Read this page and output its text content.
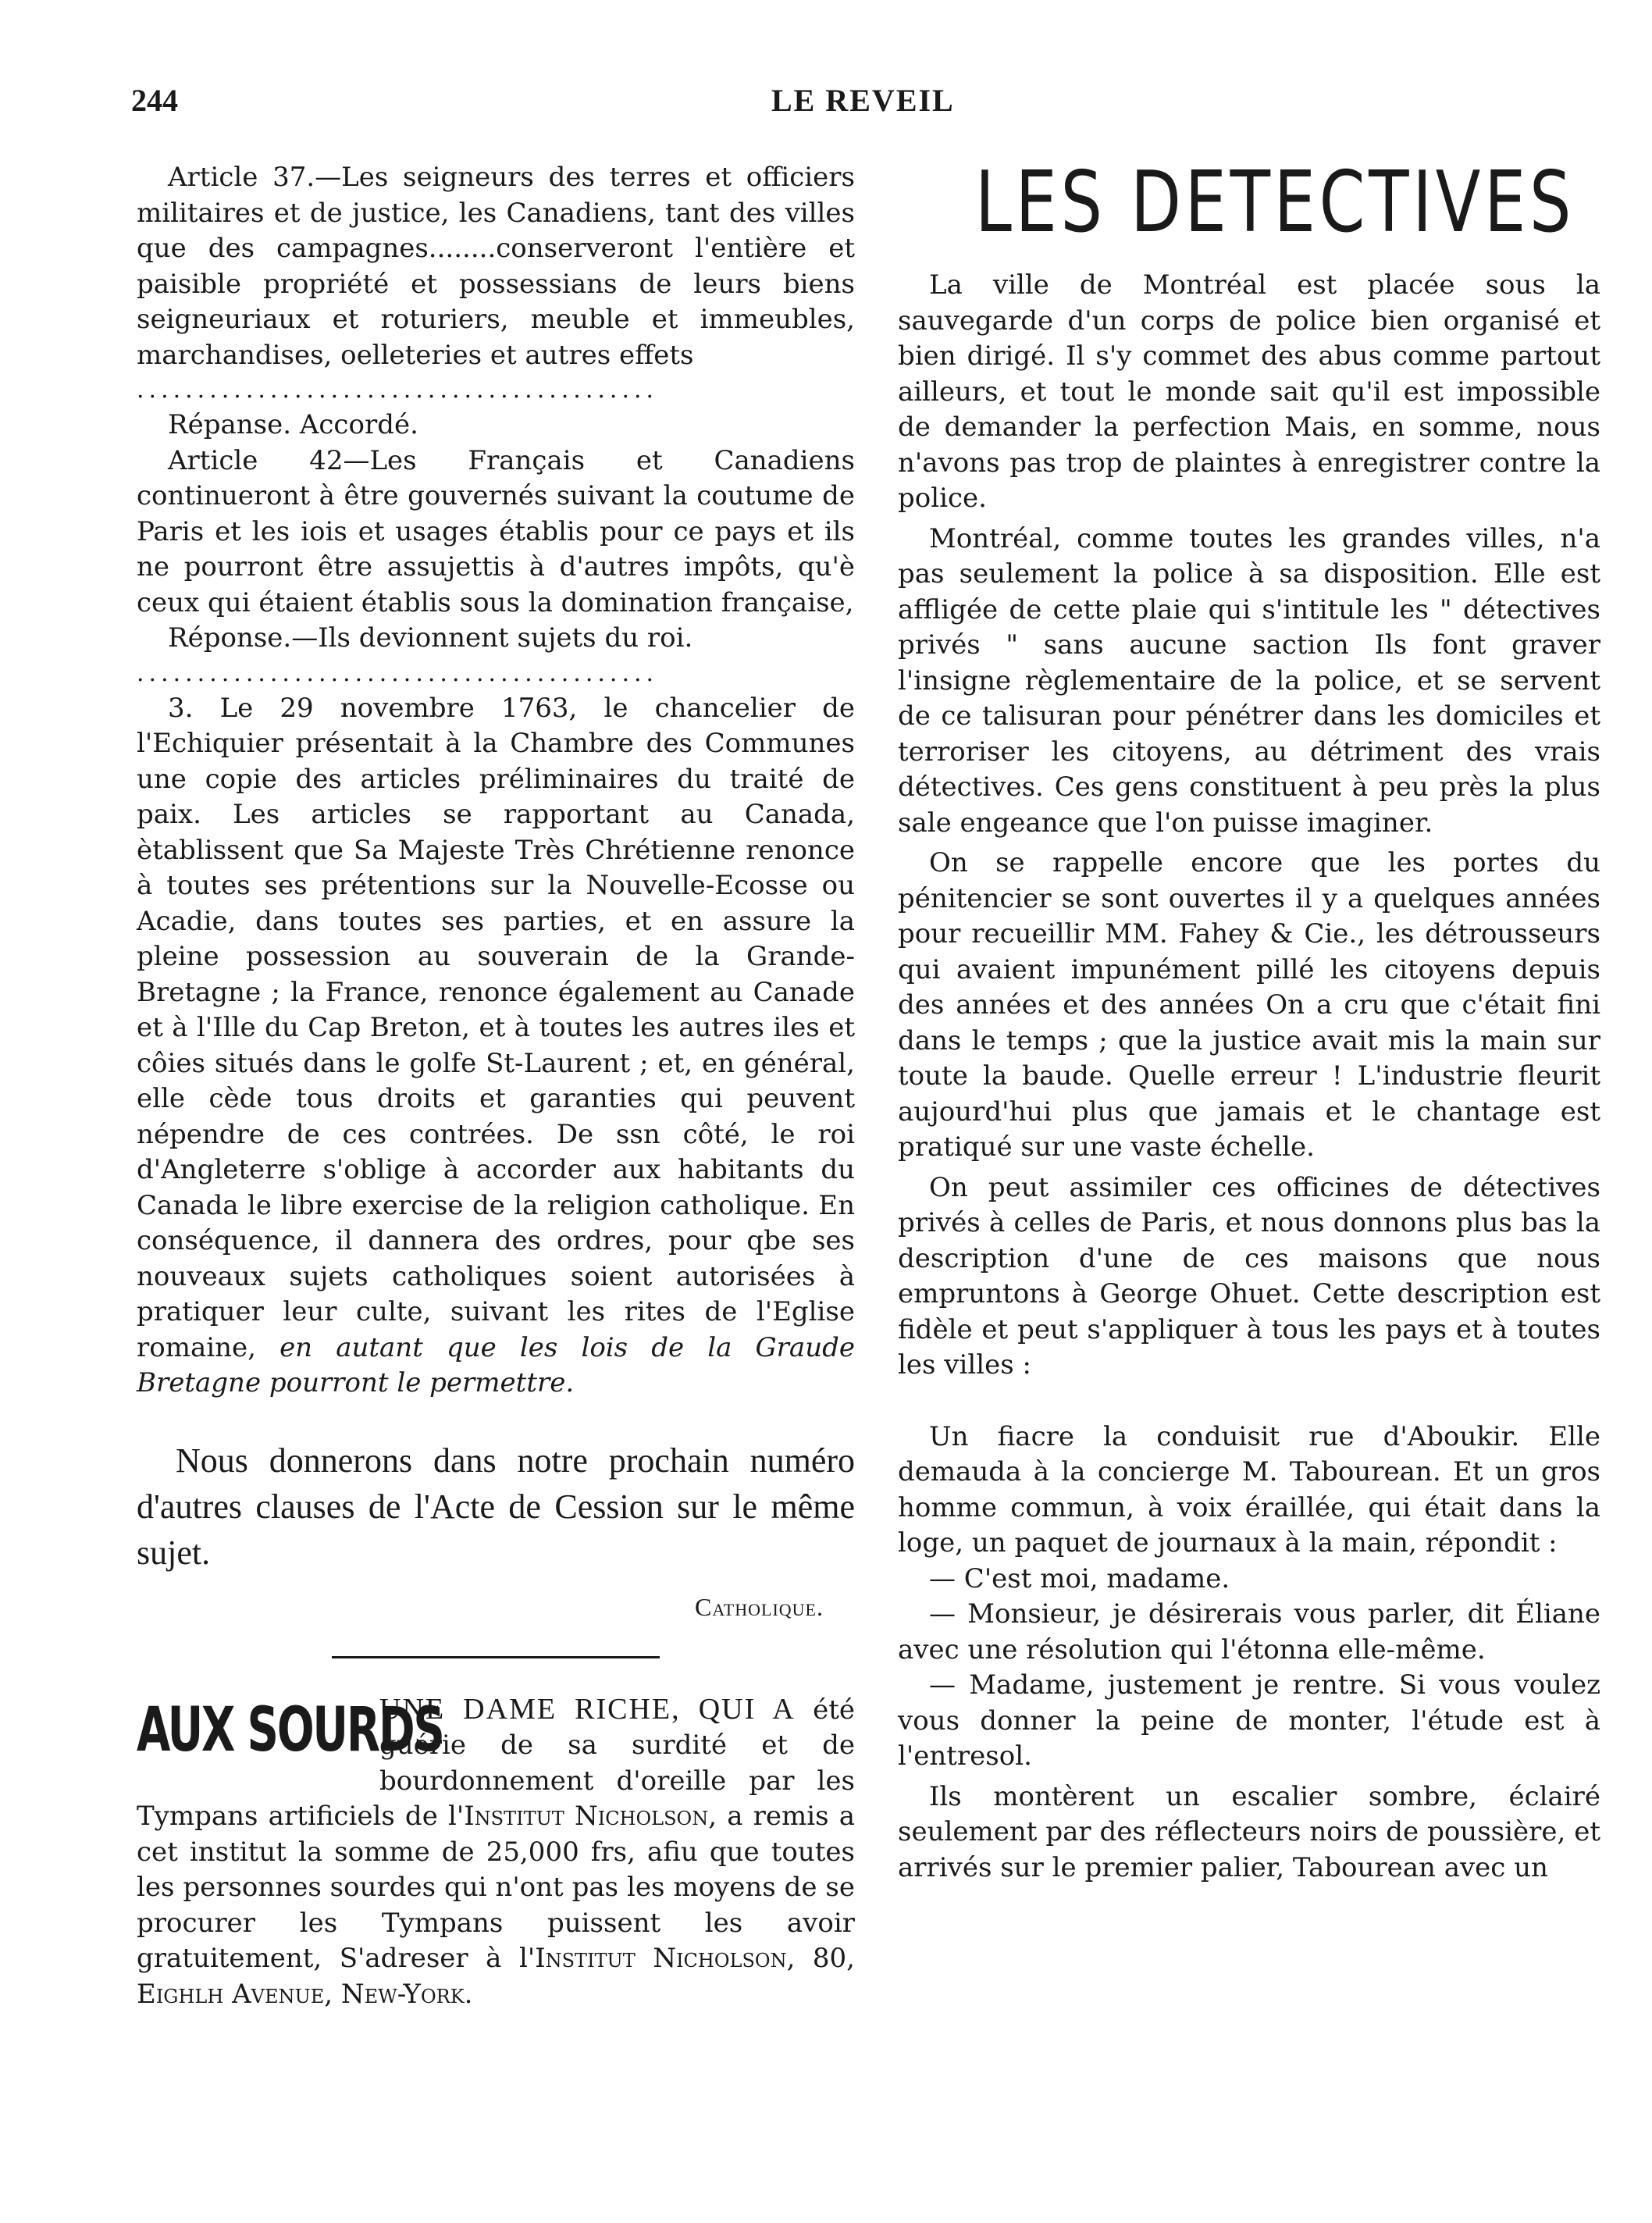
244	LE REVEIL

Article 37.—Les seigneurs des terres et officiers militaires et de justice, les Canadiens, tant des villes que des campagnes........conserveront l'entière et paisible propriété et possessians de leurs biens seigneuriaux et roturiers, meuble et immeubles, marchandises, oelleteries et autres effets

...........................................

Répanse. Accordé.

Article 42—Les Français et Canadiens continueront à être gouvernés suivant la coutume de Paris et les iois et usages établis pour ce pays et ils ne pourront être assujettis à d'autres impôts, qu'è ceux qui étaient établis sous la domination française,

Réponse.—Ils devionnent sujets du roi.

...........................................

3. Le 29 novembre 1763, le chancelier de l'Echiquier présentait à la Chambre des Communes une copie des articles préliminaires du traité de paix. Les articles se rapportant au Canada, ètablissent que Sa Majeste Très Chrétienne renonce à toutes ses prétentions sur la Nouvelle-Ecosse ou Acadie, dans toutes ses parties, et en assure la pleine possession au souverain de la Grande-Bretagne ; la France, renonce également au Canade et à l'Ille du Cap Breton, et à toutes les autres iles et côies situés dans le golfe St-Laurent ; et, en général, elle cède tous droits et garanties qui peuvent népendre de ces contrées. De ssn côté, le roi d'Angleterre s'oblige à accorder aux habitants du Canada le libre exercise de la religion catholique. En conséquence, il dannera des ordres, pour qbe ses nouveaux sujets catholiques soient autorisées à pratiquer leur culte, suivant les rites de l'Eglise romaine, en autant que les lois de la Graude Bretagne pourront le permettre.

Nous donnerons dans notre prochain numéro d'autres clauses de l'Acte de Cession sur le même sujet.

Catholique.
AUX SOURDS

UNE DAME RICHE, QUI A été guérie de sa surdité et de bourdonnement d'oreille par les Tympans artificiels de l'Institut Nicholson, a remis a cet institut la somme de 25,000 frs, afiu que toutes les personnes sourdes qui n'ont pas les moyens de se procurer les Tympans puissent les avoir gratuitement, S'adreser à l'Institut Nicholson, 80, Eighlh Avenue, New-York.

LES DETECTIVES

La ville de Montréal est placée sous la sauvegarde d'un corps de police bien organisé et bien dirigé. Il s'y commet des abus comme partout ailleurs, et tout le monde sait qu'il est impossible de demander la perfection Mais, en somme, nous n'avons pas trop de plaintes à enregistrer contre la police.

Montréal, comme toutes les grandes villes, n'a pas seulement la police à sa disposition. Elle est affligée de cette plaie qui s'intitule les " détectives privés " sans aucune saction Ils font graver l'insigne règlementaire de la police, et se servent de ce talisuran pour pénétrer dans les domiciles et terroriser les citoyens, au détriment des vrais détectives. Ces gens constituent à peu près la plus sale engeance que l'on puisse imaginer.

On se rappelle encore que les portes du pénitencier se sont ouvertes il y a quelques années pour recueillir MM. Fahey & Cie., les détrousseurs qui avaient impunément pillé les citoyens depuis des années et des années On a cru que c'était fini dans le temps ; que la justice avait mis la main sur toute la baude. Quelle erreur ! L'industrie fleurit aujourd'hui plus que jamais et le chantage est pratiqué sur une vaste échelle.

On peut assimiler ces officines de détectives privés à celles de Paris, et nous donnons plus bas la description d'une de ces maisons que nous empruntons à George Ohuet. Cette description est fidèle et peut s'appliquer à tous les pays et à toutes les villes :

Un fiacre la conduisit rue d'Aboukir. Elle demauda à la concierge M. Tabourean. Et un gros homme commun, à voix éraillée, qui était dans la loge, un paquet de journaux à la main, répondit :

— C'est moi, madame.

— Monsieur, je désirerais vous parler, dit Éliane avec une résolution qui l'étonna elle-même.

— Madame, justement je rentre. Si vous voulez vous donner la peine de monter, l'étude est à l'entresol.

Ils montèrent un escalier sombre, éclairé seulement par des réflecteurs noirs de poussière, et arrivés sur le premier palier, Tabourean avec un
